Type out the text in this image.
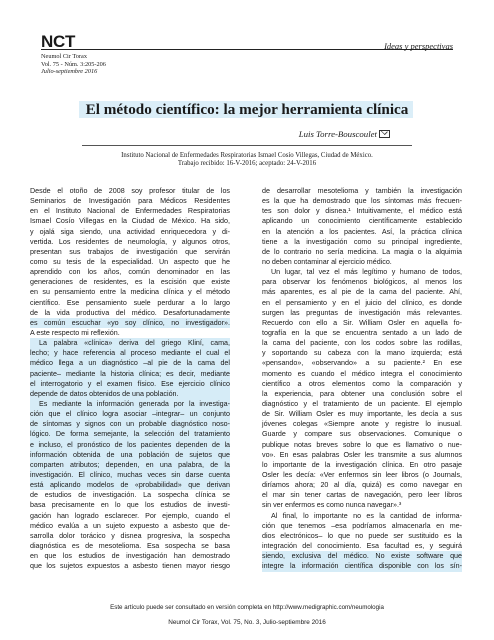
NCT	Ideas y perspectivas
Neumol Cir Torax
Vol. 75 - Núm. 3:205-206
Julio-septiembre 2016
El método científico: la mejor herramienta clínica
Luis Torre-Bouscoulet
Instituto Nacional de Enfermedades Respiratorias Ismael Cosío Villegas, Ciudad de México.
Trabajo recibido: 16-V-2016; aceptado: 24-V-2016

Desde el otoño de 2008 soy profesor titular de los
Seminarios de Investigación para Médicos Residentes
en el Instituto Nacional de Enfermedades Respiratorias
Ismael Cosío Villegas en la Ciudad de México. Ha sido,
y ojalá siga siendo, una actividad enriquecedora y di-
vertida. Los residentes de neumología, y algunos otros,
presentan sus trabajos de investigación que servirán
como su tesis de la especialidad. Un aspecto que he
aprendido con los años, común denominador en las
generaciones de residentes, es la escisión que existe
en su pensamiento entre la medicina clínica y el método
científico. Ese pensamiento suele perdurar a lo largo
de la vida productiva del médico. Desafortunadamente
es común escuchar «yo soy clínico, no investigador».
A este respecto mi reflexión.
La palabra «clínica» deriva del griego Kliní, cama,
lecho; y hace referencia al proceso mediante el cual el
médico llega a un diagnóstico –al pie de la cama del
paciente– mediante la historia clínica; es decir, mediante
el interrogatorio y el examen físico. Ese ejercicio clínico
depende de datos obtenidos de una población.
Es mediante la información generada por la investiga-
ción que el clínico logra asociar –integrar– un conjunto
de síntomas y signos con un probable diagnóstico noso-
lógico. De forma semejante, la selección del tratamiento
e incluso, el pronóstico de los pacientes dependen de la
información obtenida de una población de sujetos que
comparten atributos; dependen, en una palabra, de la
investigación. El clínico, muchas veces sin darse cuenta
está aplicando modelos de «probabilidad» que derivan
de estudios de investigación. La sospecha clínica se
basa precisamente en lo que los estudios de investi-
gación han logrado esclarecer. Por ejemplo, cuando el
médico evalúa a un sujeto expuesto a asbesto que de-
sarrolla dolor torácico y disnea progresiva, la sospecha
diagnóstica es de mesotelioma. Esa sospecha se basa
en que los estudios de investigación han demostrado
que los sujetos expuestos a asbesto tienen mayor riesgo
de desarrollar mesotelioma y también la investigación
es la que ha demostrado que los síntomas más frecuen-
tes son dolor y disnea.¹ Intuitivamente, el médico está
aplicando un conocimiento científicamente establecido
en la atención a los pacientes. Así, la práctica clínica
tiene a la investigación como su principal ingrediente,
de lo contrario no sería medicina. La magia o la alquimia
no deben contaminar al ejercicio médico.
Un lugar, tal vez el más legítimo y humano de todos,
para observar los fenómenos biológicos, al menos los
más aparentes, es al pie de la cama del paciente. Ahí,
en el pensamiento y en el juicio del clínico, es donde
surgen las preguntas de investigación más relevantes.
Recuerdo con ello a Sir. William Osler en aquella fo-
tografía en la que se encuentra sentado a un lado de
la cama del paciente, con los codos sobre las rodillas,
y soportando su cabeza con la mano izquierda; está
«pensando», «observando» a su paciente.² En ese
momento es cuando el médico integra el conocimiento
científico a otros elementos como la comparación y
la experiencia, para obtener una conclusión sobre el
diagnóstico y el tratamiento de un paciente. El ejemplo
de Sir. William Osler es muy importante, les decía a sus
jóvenes colegas «Siempre anote y registre lo inusual.
Guarde y compare sus observaciones. Comunique o
publique notas breves sobre lo que es llamativo o nue-
vo». En esas palabras Osler les transmite a sus alumnos
lo importante de la investigación clínica. En otro pasaje
Osler les decía: «Ver enfermos sin leer libros (o Journals,
diríamos ahora; 20 al día, quizá) es como navegar en
el mar sin tener cartas de navegación, pero leer libros
sin ver enfermos es como nunca navegar».³
Al final, lo importante no es la cantidad de informa-
ción que tenemos –esa podríamos almacenarla en me-
dios electrónicos– lo que no puede ser sustituido es la
integración del conocimiento. Esa facultad es, y seguirá
siendo, exclusiva del médico. No existe software que
integre la información científica disponible con los sín-
Este artículo puede ser consultado en versión completa en http://www.medigraphic.com/neumologia
Neumol Cir Torax, Vol. 75, No. 3, Julio-septiembre 2016
